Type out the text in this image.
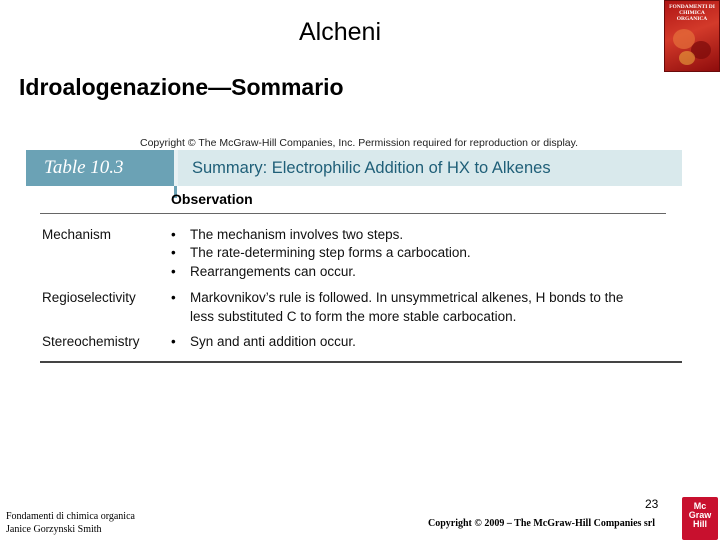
Alcheni
Idroalogenazione—Sommario
FONDAMENTI DI CHIMICA ORGANICA
Copyright © The McGraw-Hill Companies, Inc. Permission required for reproduction or display.
Table 10.3	Summary: Electrophilic Addition of HX to Alkenes
Observation
Mechanism	• The mechanism involves two steps.
• The rate-determining step forms a carbocation.
• Rearrangements can occur.
Regioselectivity	• Markovnikov’s rule is followed. In unsymmetrical alkenes, H bonds to the
less substituted C to form the more stable carbocation.
Stereochemistry • Syn and anti addition occur.
Fondamenti di chimica organica
Janice Gorzynski Smith
23
Copyright © 2009 – The McGraw-Hill Companies srl
Mc
Graw
Hill
